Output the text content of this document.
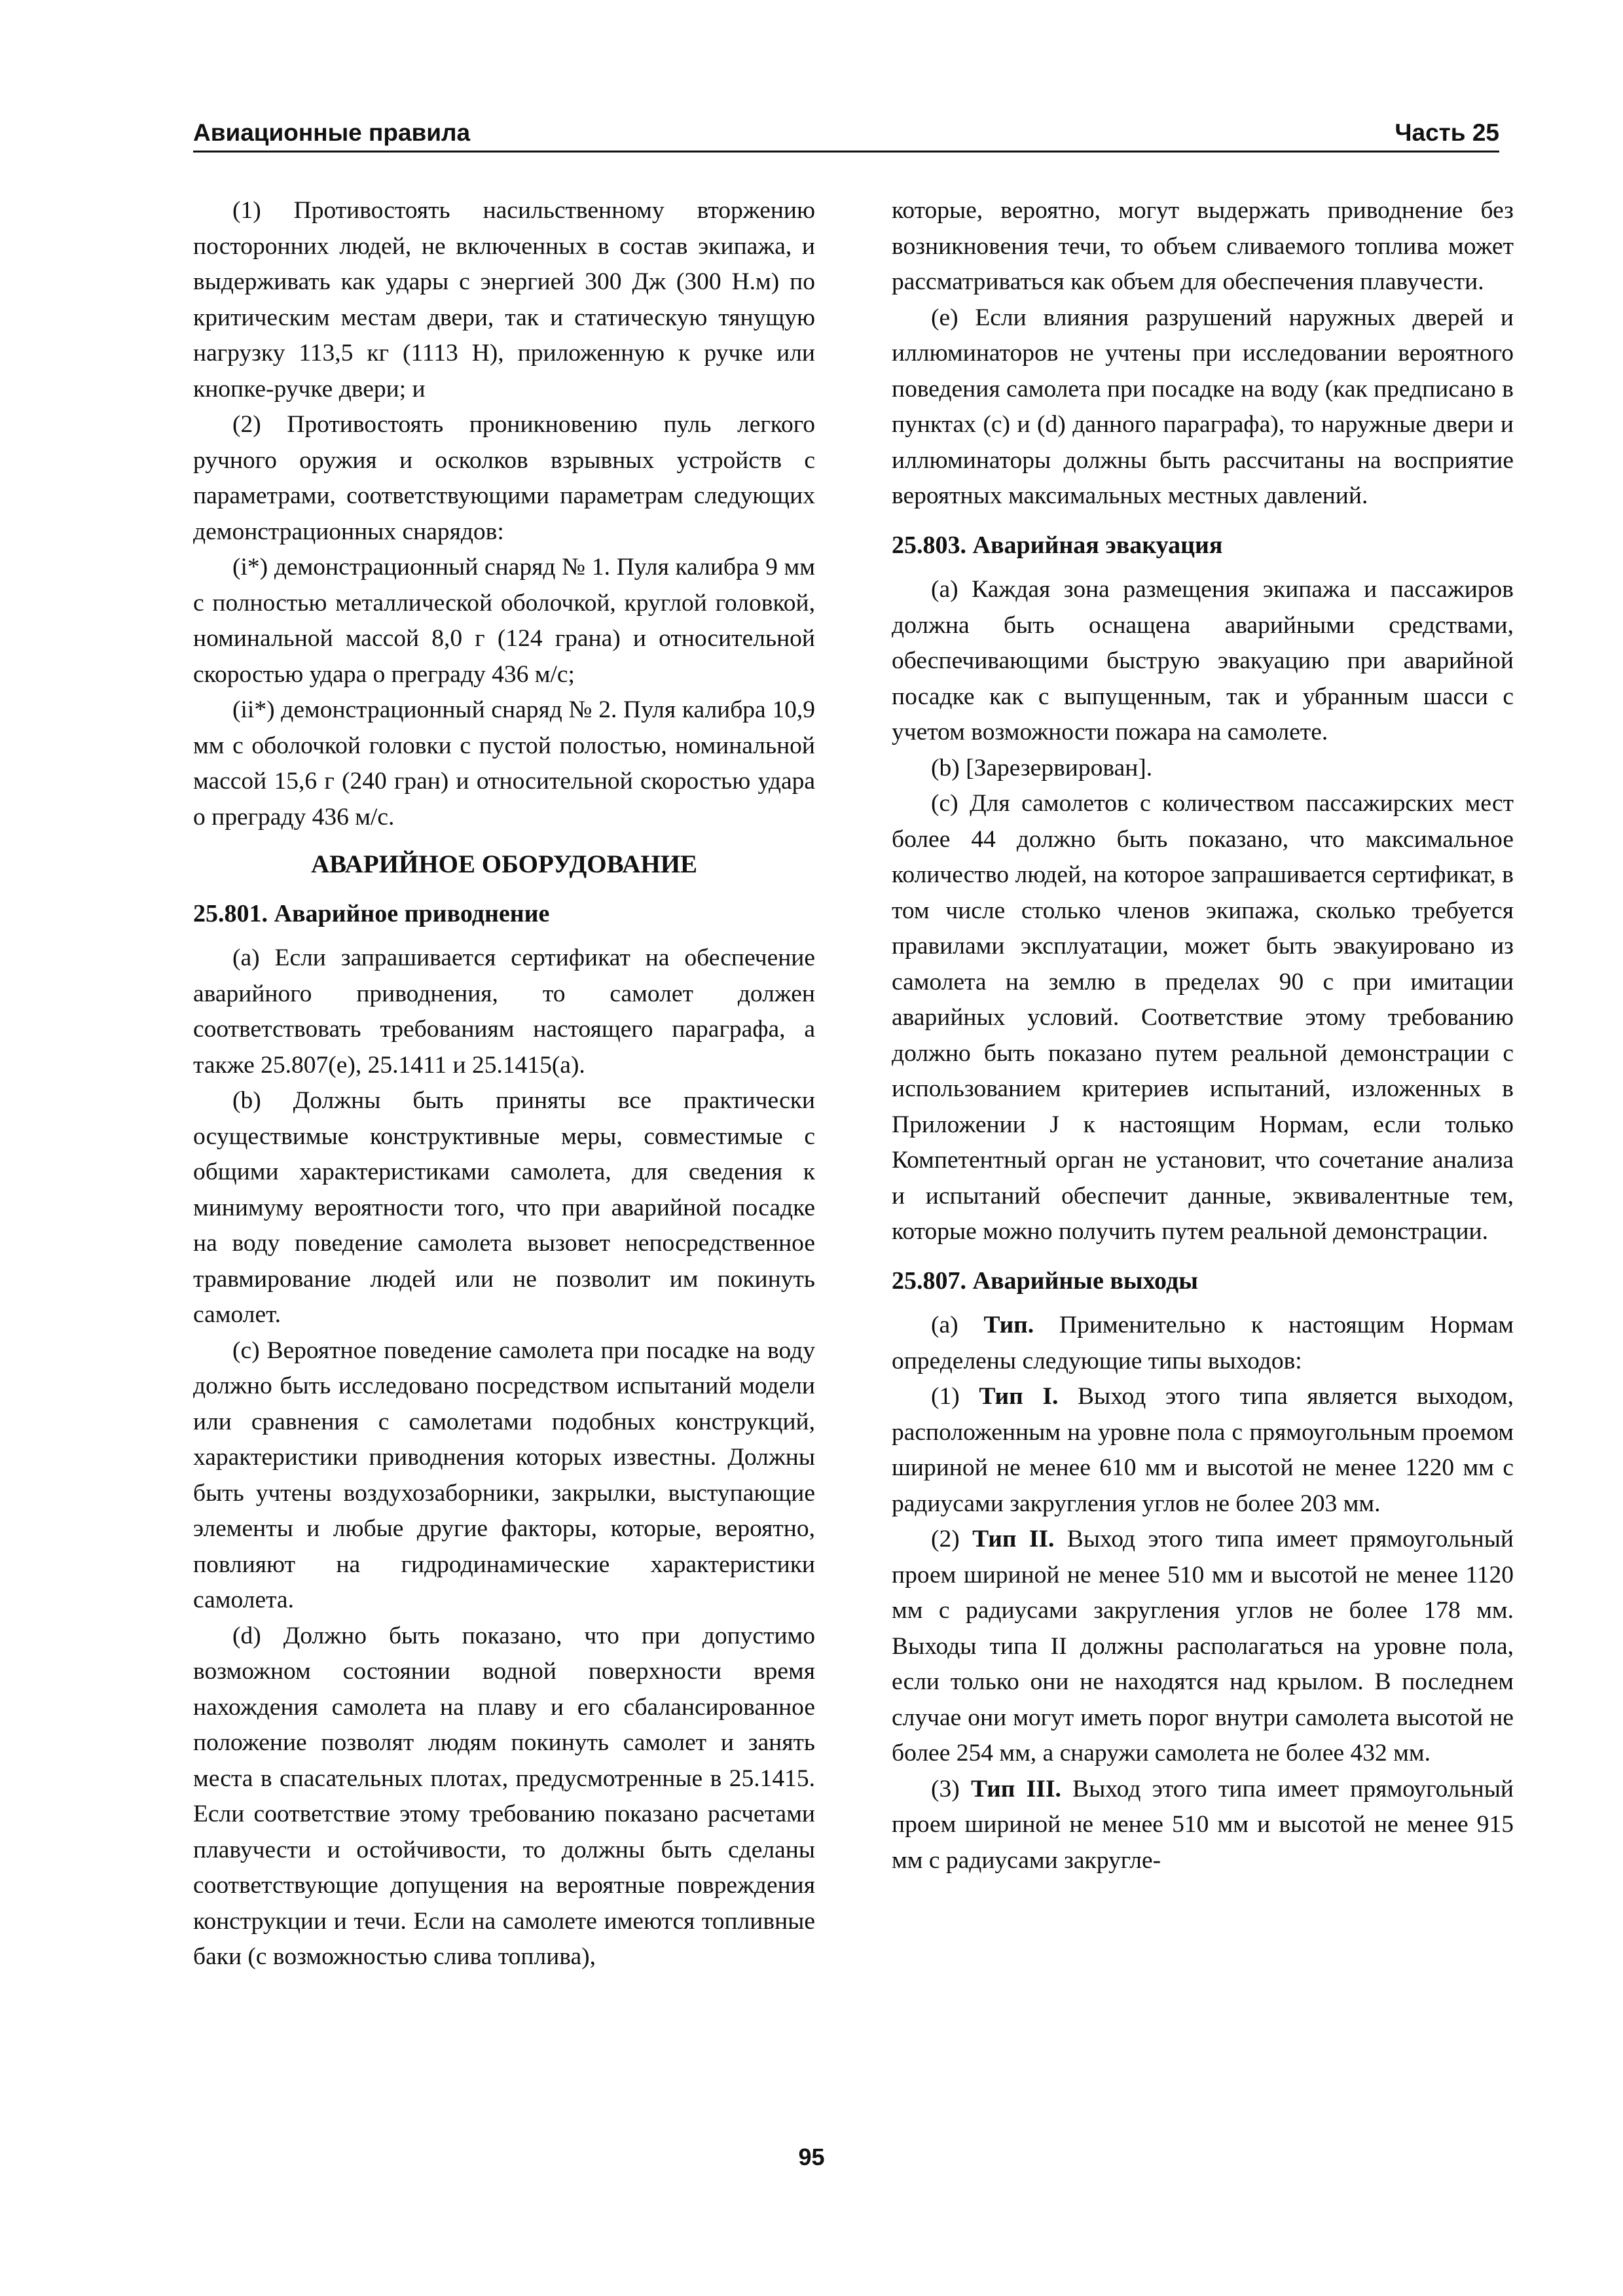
Авиационные правила	Часть 25

(1) Противостоять насильственному вторжению посторонних людей, не включенных в состав экипажа, и выдерживать как удары с энергией 300 Дж (300 Н.м) по критическим местам двери, так и статическую тянущую нагрузку 113,5 кг (1113 Н), приложенную к ручке или кнопке-ручке двери; и

(2) Противостоять проникновению пуль легкого ручного оружия и осколков взрывных устройств с параметрами, соответствующими параметрам следующих демонстрационных снарядов:

(i*) демонстрационный снаряд № 1. Пуля калибра 9 мм с полностью металлической оболочкой, круглой головкой, номинальной массой 8,0 г (124 грана) и относительной скоростью удара о преграду 436 м/с;

(ii*) демонстрационный снаряд № 2. Пуля калибра 10,9 мм с оболочкой головки с пустой полостью, номинальной массой 15,6 г (240 гран) и относительной скоростью удара о преграду 436 м/с.

АВАРИЙНОЕ ОБОРУДОВАНИЕ
25.801. Аварийное приводнение

(a) Если запрашивается сертификат на обеспечение аварийного приводнения, то самолет должен соответствовать требованиям настоящего параграфа, а также 25.807(e), 25.1411 и 25.1415(a).

(b) Должны быть приняты все практически осуществимые конструктивные меры, совместимые с общими характеристиками самолета, для сведения к минимуму вероятности того, что при аварийной посадке на воду поведение самолета вызовет непосредственное травмирование людей или не позволит им покинуть самолет.

(c) Вероятное поведение самолета при посадке на воду должно быть исследовано посредством испытаний модели или сравнения с самолетами подобных конструкций, характеристики приводнения которых известны. Должны быть учтены воздухозаборники, закрылки, выступающие элементы и любые другие факторы, которые, вероятно, повлияют на гидродинамические характеристики самолета.

(d) Должно быть показано, что при допустимо возможном состоянии водной поверхности время нахождения самолета на плаву и его сбалансированное положение позволят людям покинуть самолет и занять места в спасательных плотах, предусмотренные в 25.1415. Если соответствие этому требованию показано расчетами плавучести и остойчивости, то должны быть сделаны соответствующие допущения на вероятные повреждения конструкции и течи. Если на самолете имеются топливные баки (с возможностью слива топлива),

которые, вероятно, могут выдержать приводнение без возникновения течи, то объем сливаемого топлива может рассматриваться как объем для обеспечения плавучести.

(e) Если влияния разрушений наружных дверей и иллюминаторов не учтены при исследовании вероятного поведения самолета при посадке на воду (как предписано в пунктах (c) и (d) данного параграфа), то наружные двери и иллюминаторы должны быть рассчитаны на восприятие вероятных максимальных местных давлений.

25.803. Аварийная эвакуация

(a) Каждая зона размещения экипажа и пассажиров должна быть оснащена аварийными средствами, обеспечивающими быструю эвакуацию при аварийной посадке как с выпущенным, так и убранным шасси с учетом возможности пожара на самолете.

(b) [Зарезервирован].

(c) Для самолетов с количеством пассажирских мест более 44 должно быть показано, что максимальное количество людей, на которое запрашивается сертификат, в том числе столько членов экипажа, сколько требуется правилами эксплуатации, может быть эвакуировано из самолета на землю в пределах 90 с при имитации аварийных условий. Соответствие этому требованию должно быть показано путем реальной демонстрации с использованием критериев испытаний, изложенных в Приложении J к настоящим Нормам, если только Компетентный орган не установит, что сочетание анализа и испытаний обеспечит данные, эквивалентные тем, которые можно получить путем реальной демонстрации.

25.807. Аварийные выходы

(a) Тип. Применительно к настоящим Нормам определены следующие типы выходов:

(1) Тип I. Выход этого типа является выходом, расположенным на уровне пола с прямоугольным проемом шириной не менее 610 мм и высотой не менее 1220 мм с радиусами закругления углов не более 203 мм.

(2) Тип II. Выход этого типа имеет прямоугольный проем шириной не менее 510 мм и высотой не менее 1120 мм с радиусами закругления углов не более 178 мм. Выходы типа II должны располагаться на уровне пола, если только они не находятся над крылом. В последнем случае они могут иметь порог внутри самолета высотой не более 254 мм, а снаружи самолета не более 432 мм.

(3) Тип III. Выход этого типа имеет прямоугольный проем шириной не менее 510 мм и высотой не менее 915 мм с радиусами закругле-

95
